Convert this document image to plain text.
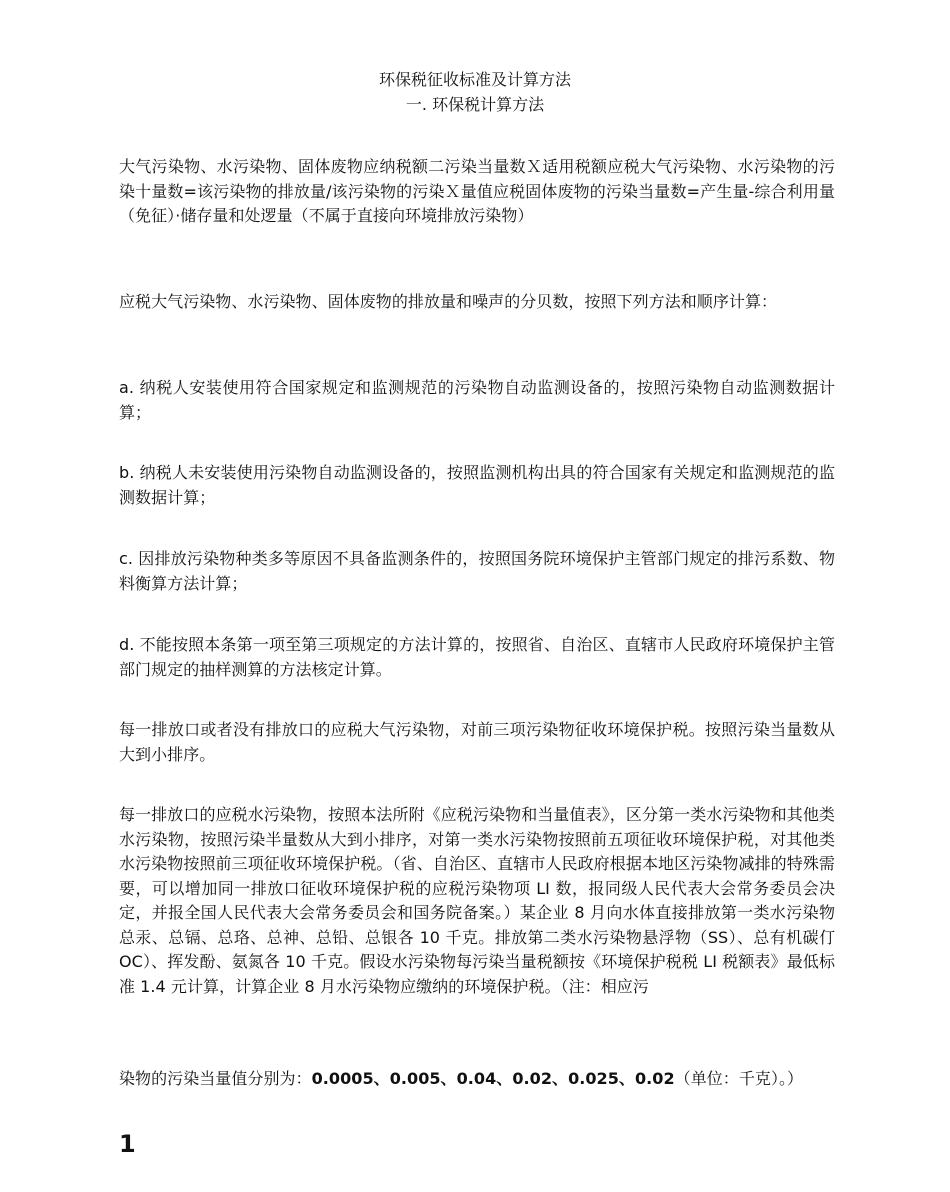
环保税征收标准及计算方法
一. 环保税计算方法
大气污染物、水污染物、固体废物应纳税额二污染当量数Ｘ适用税额应税大气污染物、水污染物的污染十量数=该污染物的排放量/该污染物的污染Ｘ量值应税固体废物的污染当量数=产生量-综合利用量（免征）·储存量和处逻量（不属于直接向环境排放污染物）
应税大气污染物、水污染物、固体废物的排放量和噪声的分贝数，按照下列方法和顺序计算：
a. 纳税人安装使用符合国家规定和监测规范的污染物自动监测设备的，按照污染物自动监测数据计算；
b. 纳税人未安装使用污染物自动监测设备的，按照监测机构出具的符合国家有关规定和监测规范的监测数据计算；
c. 因排放污染物种类多等原因不具备监测条件的，按照国务院环境保护主管部门规定的排污系数、物料衡算方法计算；
d. 不能按照本条第一项至第三项规定的方法计算的，按照省、自治区、直辖市人民政府环境保护主管部门规定的抽样测算的方法核定计算。
每一排放口或者没有排放口的应税大气污染物，对前三项污染物征收环境保护税。按照污染当量数从大到小排序。
每一排放口的应税水污染物，按照本法所附《应税污染物和当量值表》，区分第一类水污染物和其他类水污染物，按照污染半量数从大到小排序，对第一类水污染物按照前五项征收环境保护税，对其他类水污染物按照前三项征收环境保护税。（省、自治区、直辖市人民政府根据本地区污染物减排的特殊需要，可以增加同一排放口征收环境保护税的应税污染物项 LI 数，报同级人民代表大会常务委员会决定，并报全国人民代表大会常务委员会和国务院备案。）某企业 8 月向水体直接排放第一类水污染物总汞、总镉、总珞、总神、总铅、总银各 10 千克。排放第二类水污染物悬浮物（SS）、总有机碳仃 OC）、挥发酚、氨氮各 10 千克。假设水污染物每污染当量税额按《环境保护税税 LI 税额表》最低标准 1.4 元计算，计算企业 8 月水污染物应缴纳的环境保护税。（注：相应污
染物的污染当量值分别为：0.0005、0.005、0.04、0.02、0.025、0.02（单位：千克）。）
1
